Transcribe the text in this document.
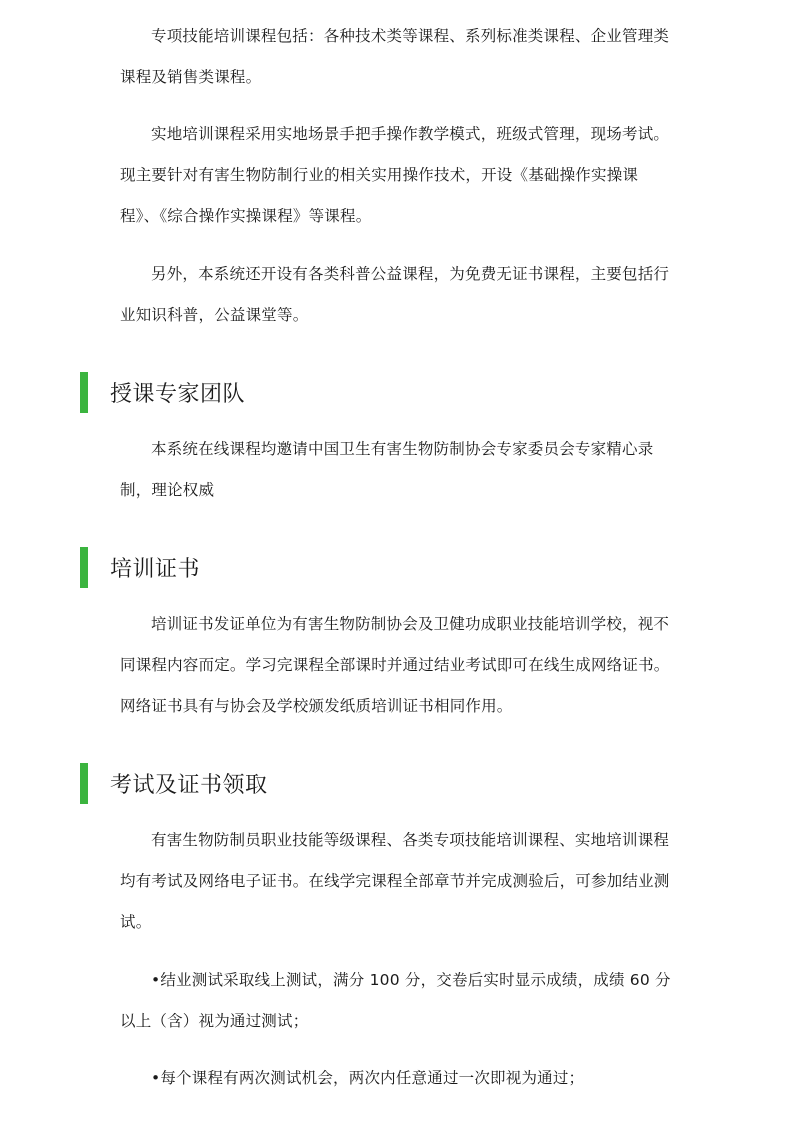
专项技能培训课程包括：各种技术类等课程、系列标准类课程、企业管理类课程及销售类课程。

实地培训课程采用实地场景手把手操作教学模式，班级式管理，现场考试。现主要针对有害生物防制行业的相关实用操作技术，开设《基础操作实操课程》、《综合操作实操课程》等课程。

另外，本系统还开设有各类科普公益课程，为免费无证书课程，主要包括行业知识科普，公益课堂等。

授课专家团队

本系统在线课程均邀请中国卫生有害生物防制协会专家委员会专家精心录制，理论权威

培训证书

培训证书发证单位为有害生物防制协会及卫健功成职业技能培训学校，视不同课程内容而定。学习完课程全部课时并通过结业考试即可在线生成网络证书。网络证书具有与协会及学校颁发纸质培训证书相同作用。

考试及证书领取

有害生物防制员职业技能等级课程、各类专项技能培训课程、实地培训课程均有考试及网络电子证书。在线学完课程全部章节并完成测验后，可参加结业测试。

•结业测试采取线上测试，满分 100 分，交卷后实时显示成绩，成绩 60 分以上（含）视为通过测试；

•每个课程有两次测试机会，两次内任意通过一次即视为通过；
